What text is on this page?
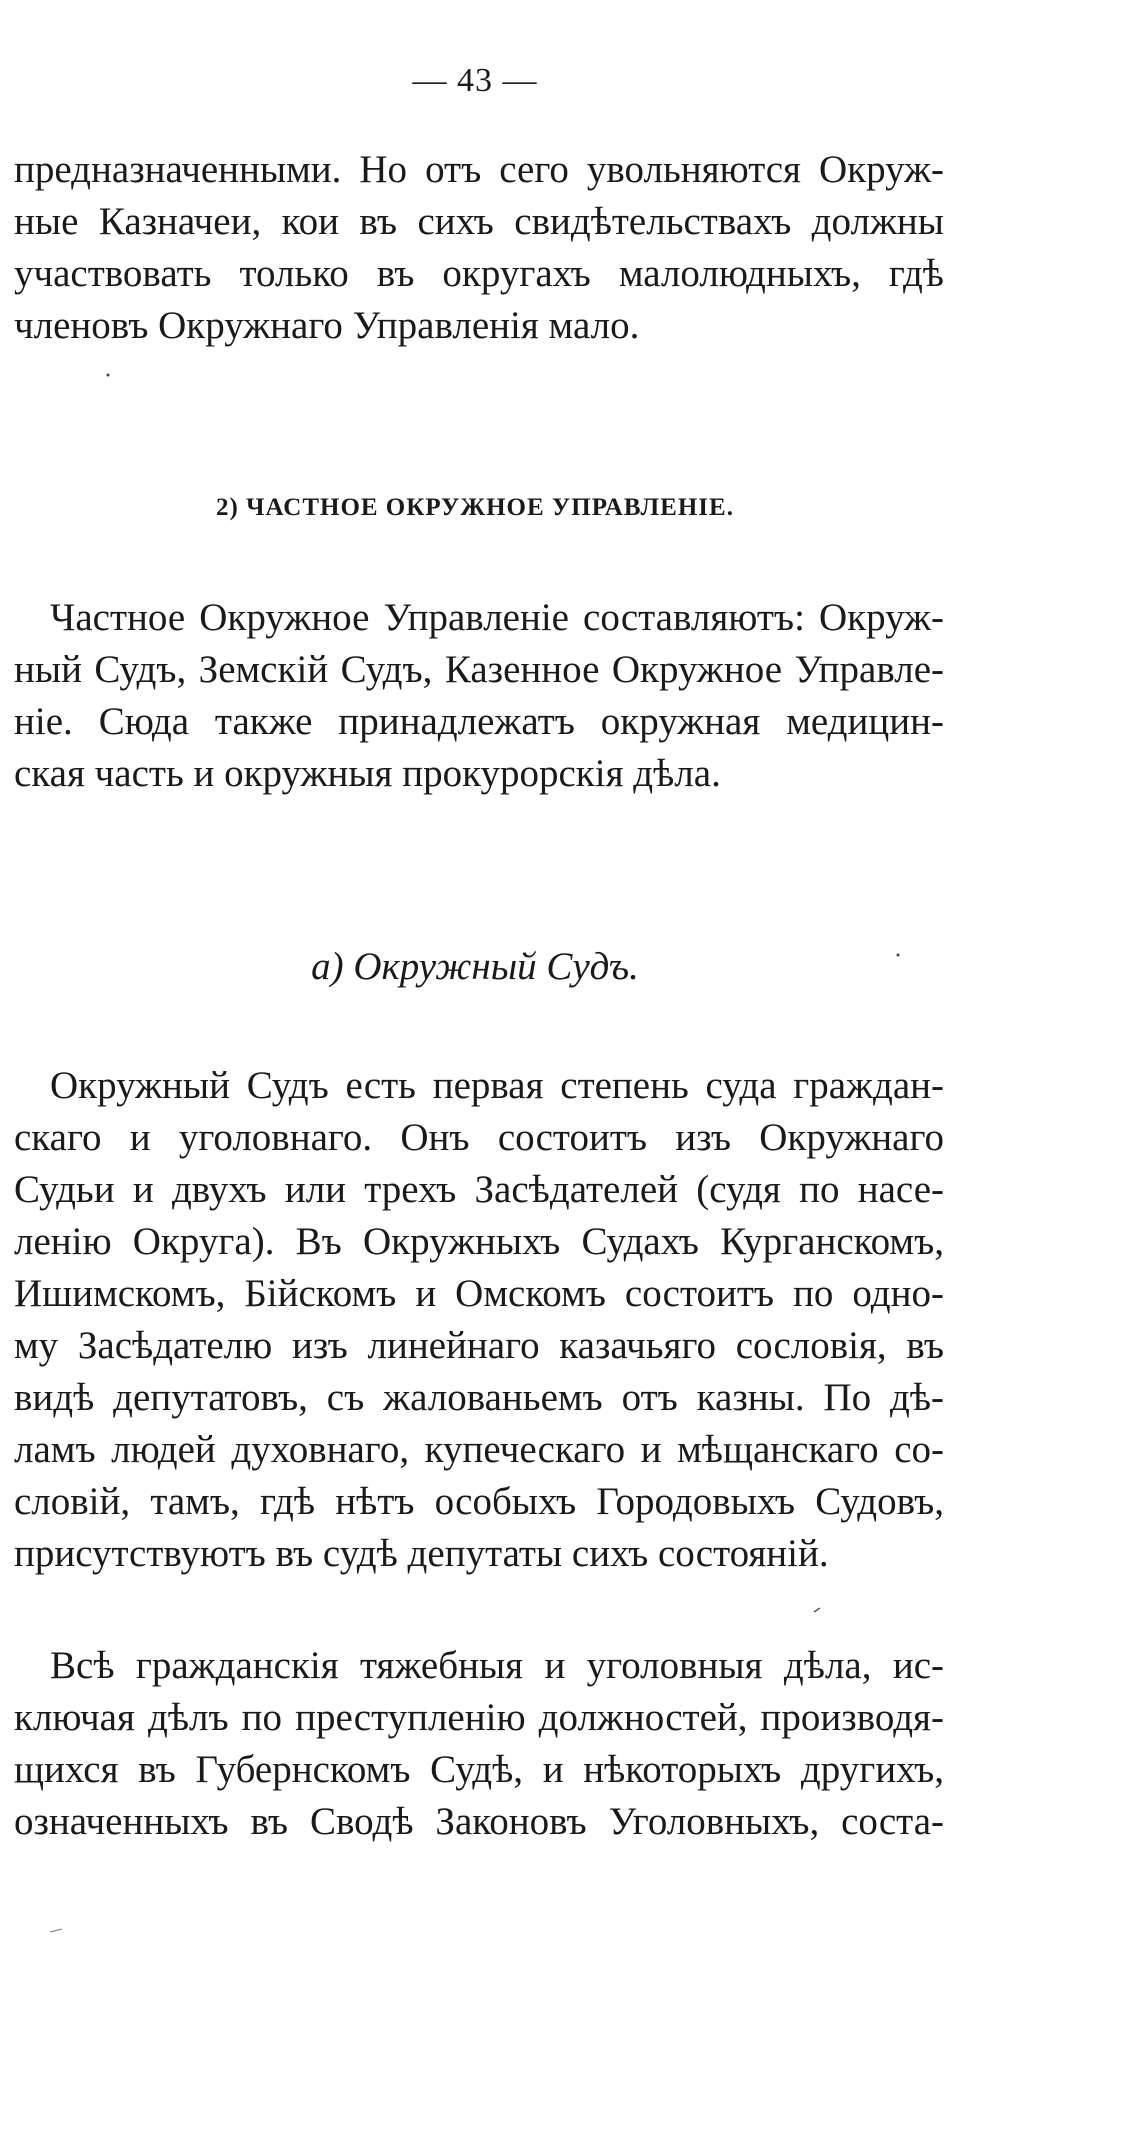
— 43 —
предназначенными. Но отъ сего увольняются Окруж-
ные Казначеи, кои въ сихъ свидѣтельствахъ должны
участвовать только въ округахъ малолюдныхъ, гдѣ
членовъ Окружнаго Управленія мало.
2) ЧАСТНОЕ ОКРУЖНОЕ УПРАВЛЕНІЕ.
Частное Окружное Управленіе составляютъ: Окруж-
ный Судъ, Земскій Судъ, Казенное Окружное Управле-
ніе. Сюда также принадлежатъ окружная медицин-
ская часть и окружныя прокурорскія дѣла.
а) Окружный Судъ.
Окружный Судъ есть первая степень суда граждан-
скаго и уголовнаго. Онъ состоитъ изъ Окружнаго
Судьи и двухъ или трехъ Засѣдателей (судя по насе-
ленію Округа). Въ Окружныхъ Судахъ Курганскомъ,
Ишимскомъ, Бійскомъ и Омскомъ состоитъ по одно-
му Засѣдателю изъ линейнаго казачьяго сословія, въ
видѣ депутатовъ, съ жалованьемъ отъ казны. По дѣ-
ламъ людей духовнаго, купеческаго и мѣщанскаго со-
словій, тамъ, гдѣ нѣтъ особыхъ Городовыхъ Судовъ,
присутствуютъ въ судѣ депутаты сихъ состояній.
Всѣ гражданскія тяжебныя и уголовныя дѣла, ис-
ключая дѣлъ по преступленію должностей, производя-
щихся въ Губернскомъ Судѣ, и нѣкоторыхъ другихъ,
означенныхъ въ Сводѣ Законовъ Уголовныхъ, соста-
